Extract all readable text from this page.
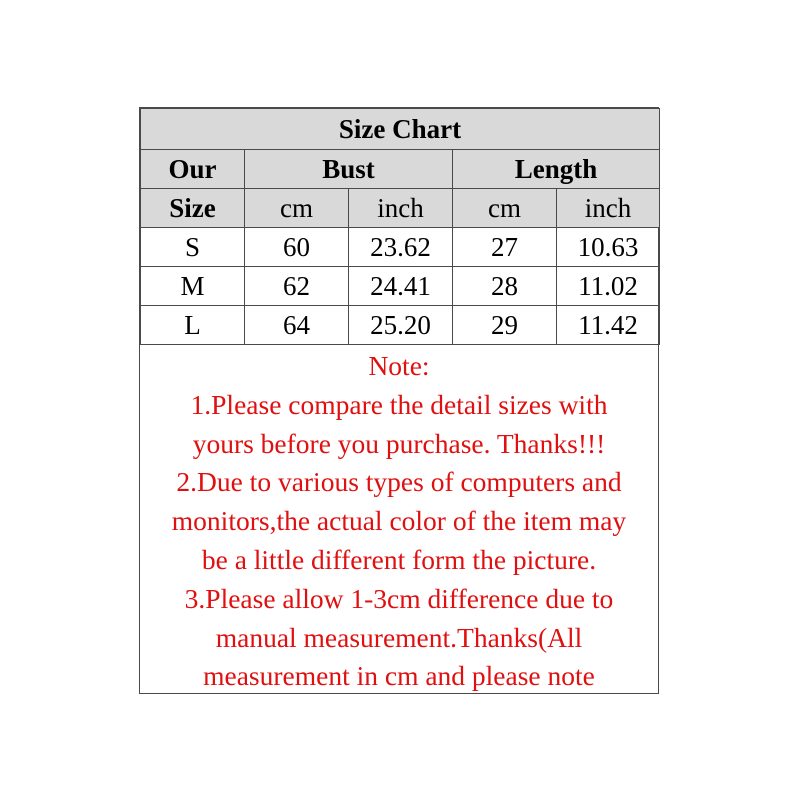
Size Chart				
Our	Bust		Length	
Size	cm	inch	cm	inch
S	60	23.62	27	10.63
M	62	24.41	28	11.02
L	64	25.20	29	11.42
Note:
1.Please compare the detail sizes with
yours before you purchase. Thanks!!!
2.Due to various types of computers and
monitors,the actual color of the item may
be a little different form the picture.
3.Please allow 1-3cm difference due to
manual measurement.Thanks(All
measurement in cm and please note
